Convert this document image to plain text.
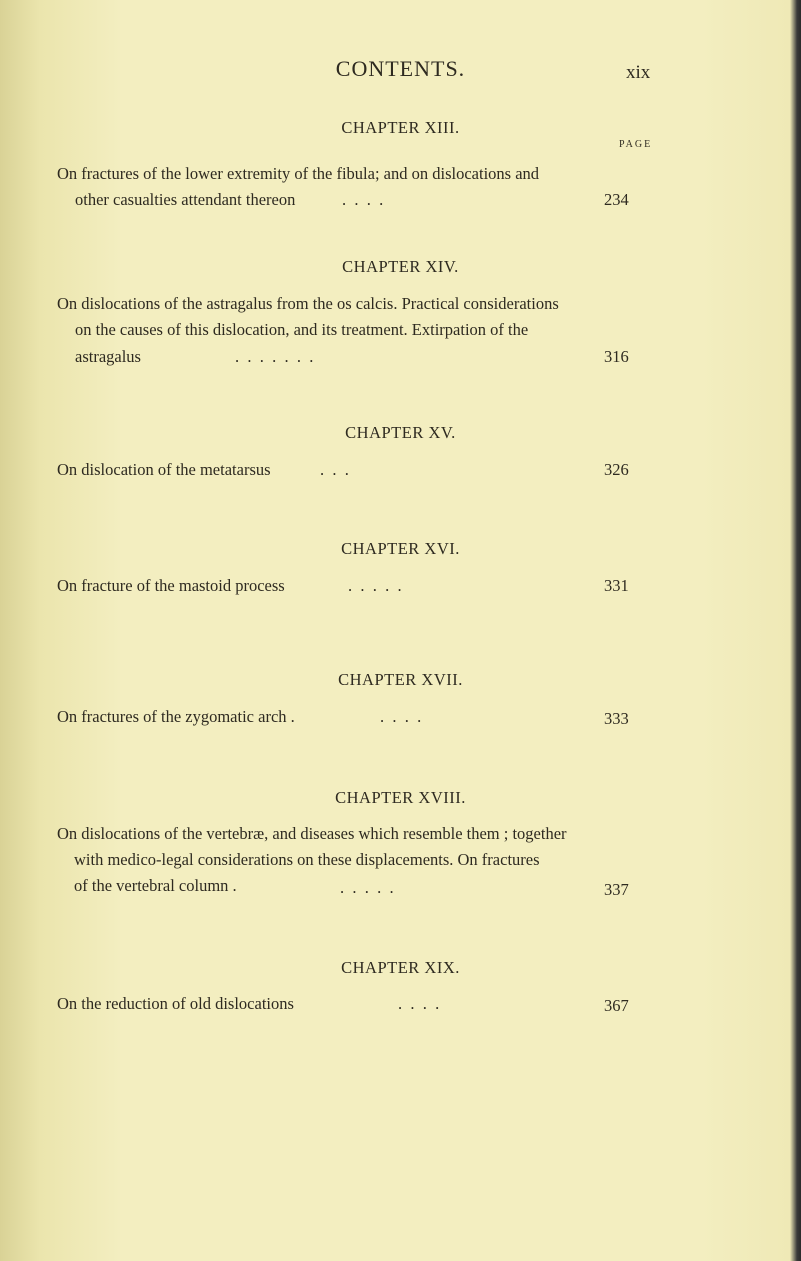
CONTENTS.	xix
PAGE
CHAPTER XIII.
On fractures of the lower extremity of the fibula; and on dislocations and
other casualties attendant thereon	.  .  .  .	234
CHAPTER XIV.
On dislocations of the astragalus from the os calcis. Practical considerations
on the causes of this dislocation, and its treatment. Extirpation of the
astragalus	.  .  .  .  .  .  .	316
CHAPTER XV.
On dislocation of the metatarsus	.  .  .	326
CHAPTER XVI.
On fracture of the mastoid process	.  .  .  .  .	331
CHAPTER XVII.
On fractures of the zygomatic arch .	.  .  .  .	333
CHAPTER XVIII.
On dislocations of the vertebræ, and diseases which resemble them ; together
with medico-legal considerations on these displacements. On fractures
of the vertebral column .	.  .  .  .  .	337
CHAPTER XIX.
On the reduction of old dislocations	.  .  .  .	367
